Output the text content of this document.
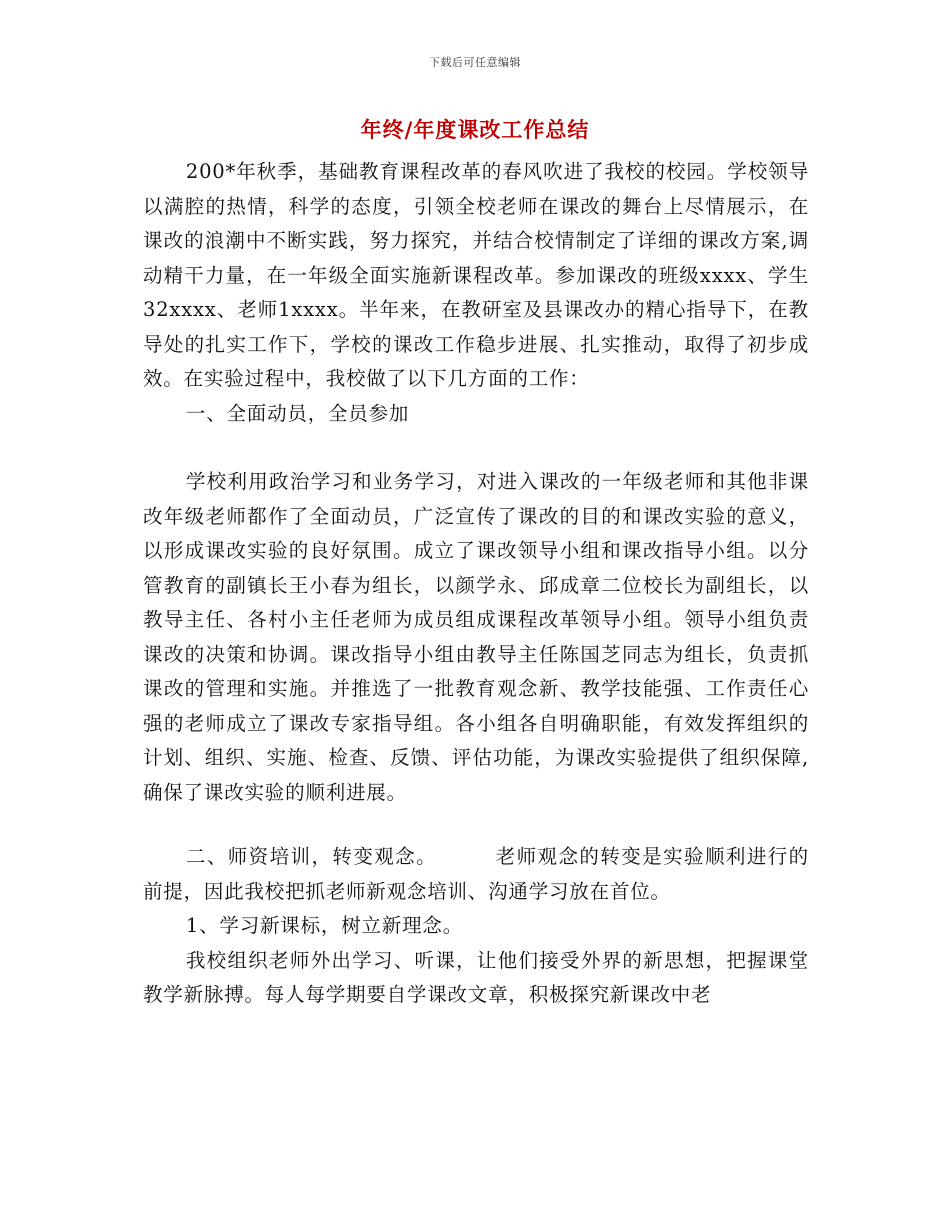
下载后可任意编辑
年终/年度课改工作总结

200*年秋季，基础教育课程改革的春风吹进了我校的校园。学校领导以满腔的热情，科学的态度，引领全校老师在课改的舞台上尽情展示，在课改的浪潮中不断实践，努力探究，并结合校情制定了详细的课改方案,调动精干力量，在一年级全面实施新课程改革。参加课改的班级xxxx、学生32xxxx、老师1xxxx。半年来，在教研室及县课改办的精心指导下，在教导处的扎实工作下，学校的课改工作稳步进展、扎实推动，取得了初步成效。在实验过程中，我校做了以下几方面的工作：

一、全面动员，全员参加

学校利用政治学习和业务学习，对进入课改的一年级老师和其他非课改年级老师都作了全面动员，广泛宣传了课改的目的和课改实验的意义，以形成课改实验的良好氛围。成立了课改领导小组和课改指导小组。以分管教育的副镇长王小春为组长，以颜学永、邱成章二位校长为副组长，以教导主任、各村小主任老师为成员组成课程改革领导小组。领导小组负责课改的决策和协调。课改指导小组由教导主任陈国芝同志为组长，负责抓课改的管理和实施。并推选了一批教育观念新、教学技能强、工作责任心强的老师成立了课改专家指导组。各小组各自明确职能，有效发挥组织的计划、组织、实施、检查、反馈、评估功能，为课改实验提供了组织保障,确保了课改实验的顺利进展。

二、师资培训，转变观念。	老师观念的转变是实验顺利进行的前提，因此我校把抓老师新观念培训、沟通学习放在首位。

1、学习新课标，树立新理念。

我校组织老师外出学习、听课，让他们接受外界的新思想，把握课堂教学新脉搏。每人每学期要自学课改文章，积极探究新课改中老
